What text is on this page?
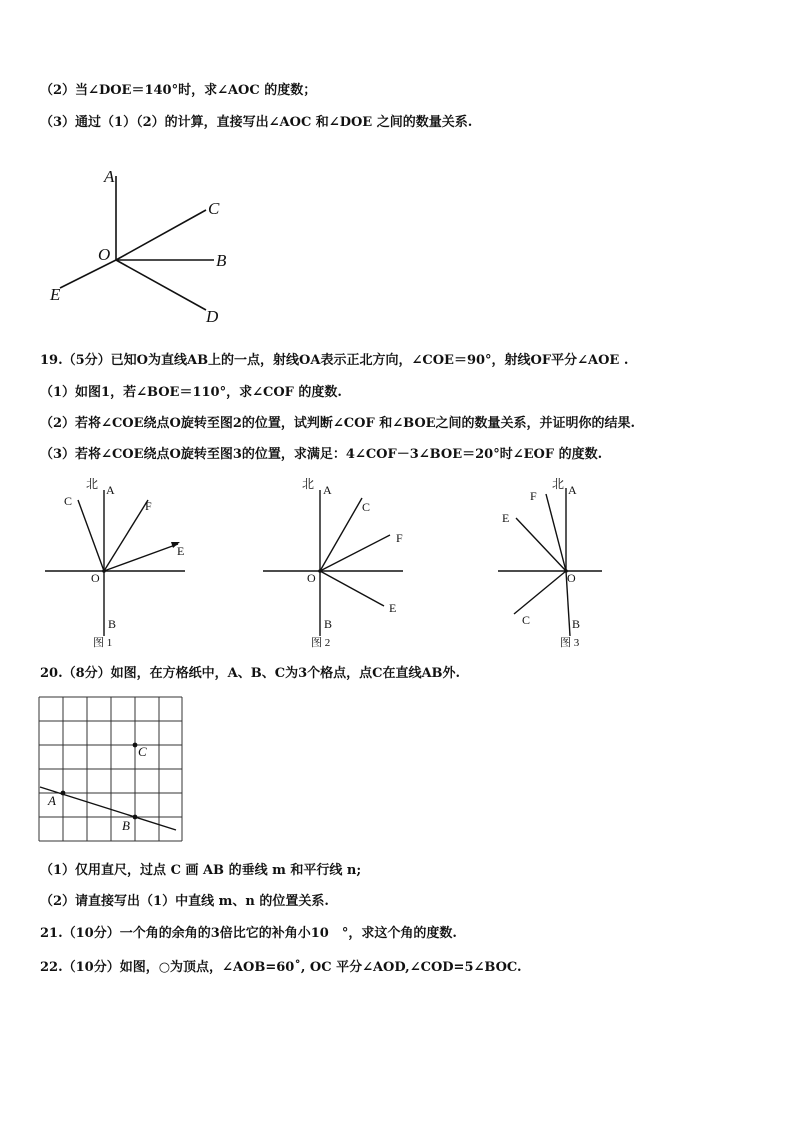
（2）当∠DOE＝140°时，求∠AOC 的度数；
（3）通过（1）（2）的计算，直接写出∠AOC 和∠DOE 之间的数量关系.
A
C
O	B
E
D
19.（5分）已知O为直线AB上的一点，射线OA表示正北方向，∠COE＝90°，射线OF平分∠AOE .
（1）如图1，若∠BOE＝110°，求∠COF 的度数.
（2）若将∠COE绕点O旋转至图2的位置，试判断∠COF 和∠BOE之间的数量关系，并证明你的结果.
（3）若将∠COE绕点O旋转至图3的位置，求满足：4∠COF－3∠BOE＝20°时∠EOF 的度数.
北 A
C	F
E
O
B
图 1
北 A
C
F
E
O
B
图 2
北 A
F
E
O
C	B
图 3
20.（8分）如图，在方格纸中，A、B、C为3个格点，点C在直线AB外.
A
B
C
（1）仅用直尺，过点 C 画 AB 的垂线 m 和平行线 n;
（2）请直接写出（1）中直线 m、n 的位置关系.
21.（10分）一个角的余角的3倍比它的补角小10　°，求这个角的度数.
22.（10分）如图，○为顶点，∠AOB=60˚, OC 平分∠AOD,∠COD=5∠BOC.
